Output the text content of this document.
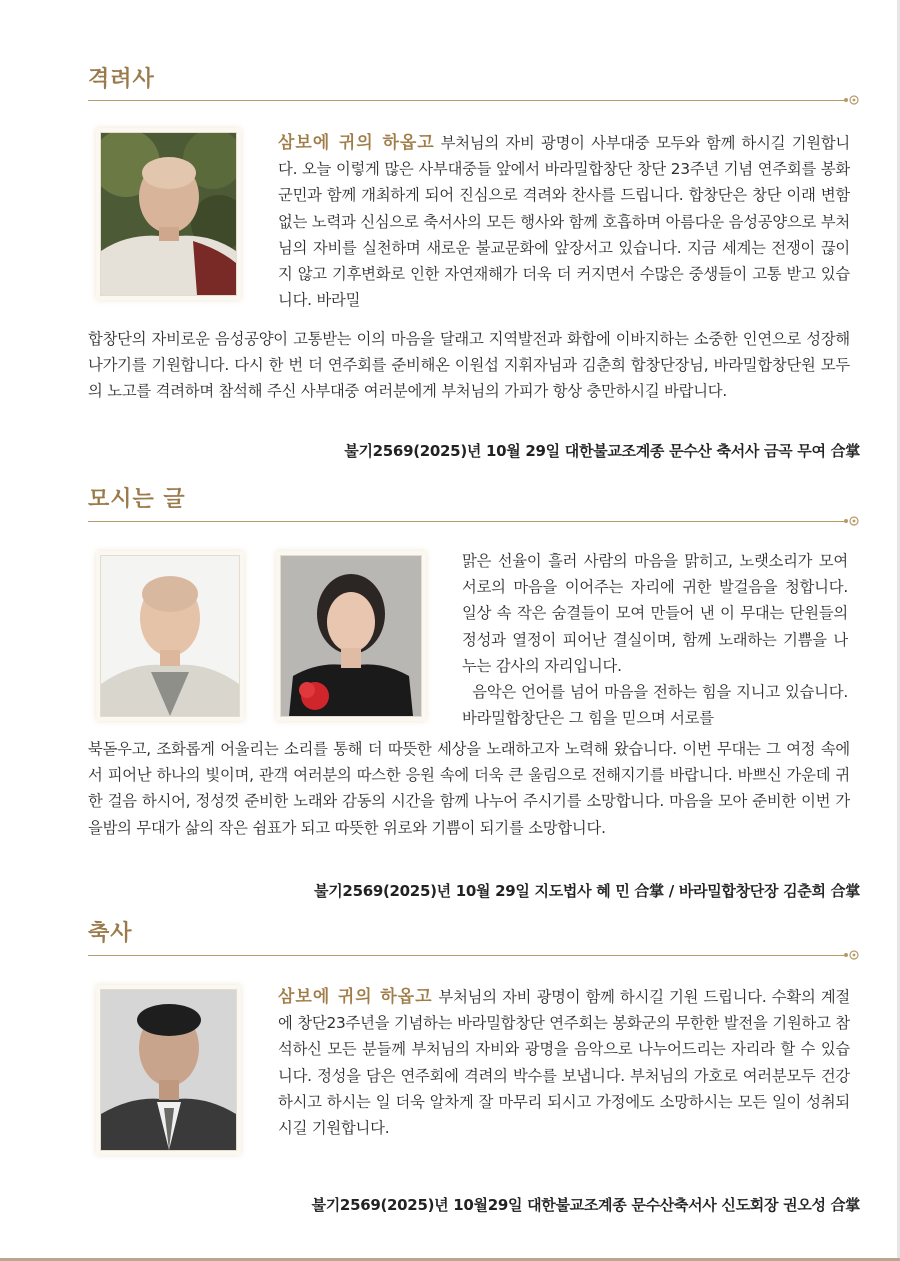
격려사

삼보에 귀의 하옵고 부처님의 자비 광명이 사부대중 모두와 함께 하시길 기원합니다. 오늘 이렇게 많은 사부대중들 앞에서 바라밀합창단 창단 23주년 기념 연주회를 봉화군민과 함께 개최하게 되어 진심으로 격려와 찬사를 드립니다. 합창단은 창단 이래 변함없는 노력과 신심으로 축서사의 모든 행사와 함께 호흡하며 아름다운 음성공양으로 부처님의 자비를 실천하며 새로운 불교문화에 앞장서고 있습니다. 지금 세계는 전쟁이 끊이지 않고 기후변화로 인한 자연재해가 더욱 더 커지면서 수많은 중생들이 고통 받고 있습니다. 바라밀

합창단의 자비로운 음성공양이 고통받는 이의 마음을 달래고 지역발전과 화합에 이바지하는 소중한 인연으로 성장해나가기를 기원합니다. 다시 한 번 더 연주회를 준비해온 이원섭 지휘자님과 김춘희 합창단장님, 바라밀합창단원 모두의 노고를 격려하며 참석해 주신 사부대중 여러분에게 부처님의 가피가 항상 충만하시길 바랍니다.

불기2569(2025)년 10월 29일 대한불교조계종 문수산 축서사 금곡 무여 合掌

모시는 글

맑은 선율이 흘러 사람의 마음을 맑히고, 노랫소리가 모여 서로의 마음을 이어주는 자리에 귀한 발걸음을 청합니다. 일상 속 작은 숨결들이 모여 만들어 낸 이 무대는 단원들의 정성과 열정이 피어난 결실이며, 함께 노래하는 기쁨을 나누는 감사의 자리입니다.
음악은 언어를 넘어 마음을 전하는 힘을 지니고 있습니다. 바라밀합창단은 그 힘을 믿으며 서로를

북돋우고, 조화롭게 어울리는 소리를 통해 더 따뜻한 세상을 노래하고자 노력해 왔습니다. 이번 무대는 그 여정 속에서 피어난 하나의 빛이며, 관객 여러분의 따스한 응원 속에 더욱 큰 울림으로 전해지기를 바랍니다. 바쁘신 가운데 귀한 걸음 하시어, 정성껏 준비한 노래와 감동의 시간을 함께 나누어 주시기를 소망합니다. 마음을 모아 준비한 이번 가을밤의 무대가 삶의 작은 쉼표가 되고 따뜻한 위로와 기쁨이 되기를 소망합니다.

불기2569(2025)년 10월 29일 지도법사 혜 민 合掌 / 바라밀합창단장 김춘희 合掌

축사

삼보에 귀의 하옵고 부처님의 자비 광명이 함께 하시길 기원 드립니다. 수확의 계절에 창단23주년을 기념하는 바라밀합창단 연주회는 봉화군의 무한한 발전을 기원하고 참석하신 모든 분들께 부처님의 자비와 광명을 음악으로 나누어드리는 자리라 할 수 있습니다. 정성을 담은 연주회에 격려의 박수를 보냅니다. 부처님의 가호로 여러분모두 건강하시고 하시는 일 더욱 알차게 잘 마무리 되시고 가정에도 소망하시는 모든 일이 성취되시길 기원합니다.

불기2569(2025)년 10월29일 대한불교조계종 문수산축서사 신도회장 권오성 合掌
